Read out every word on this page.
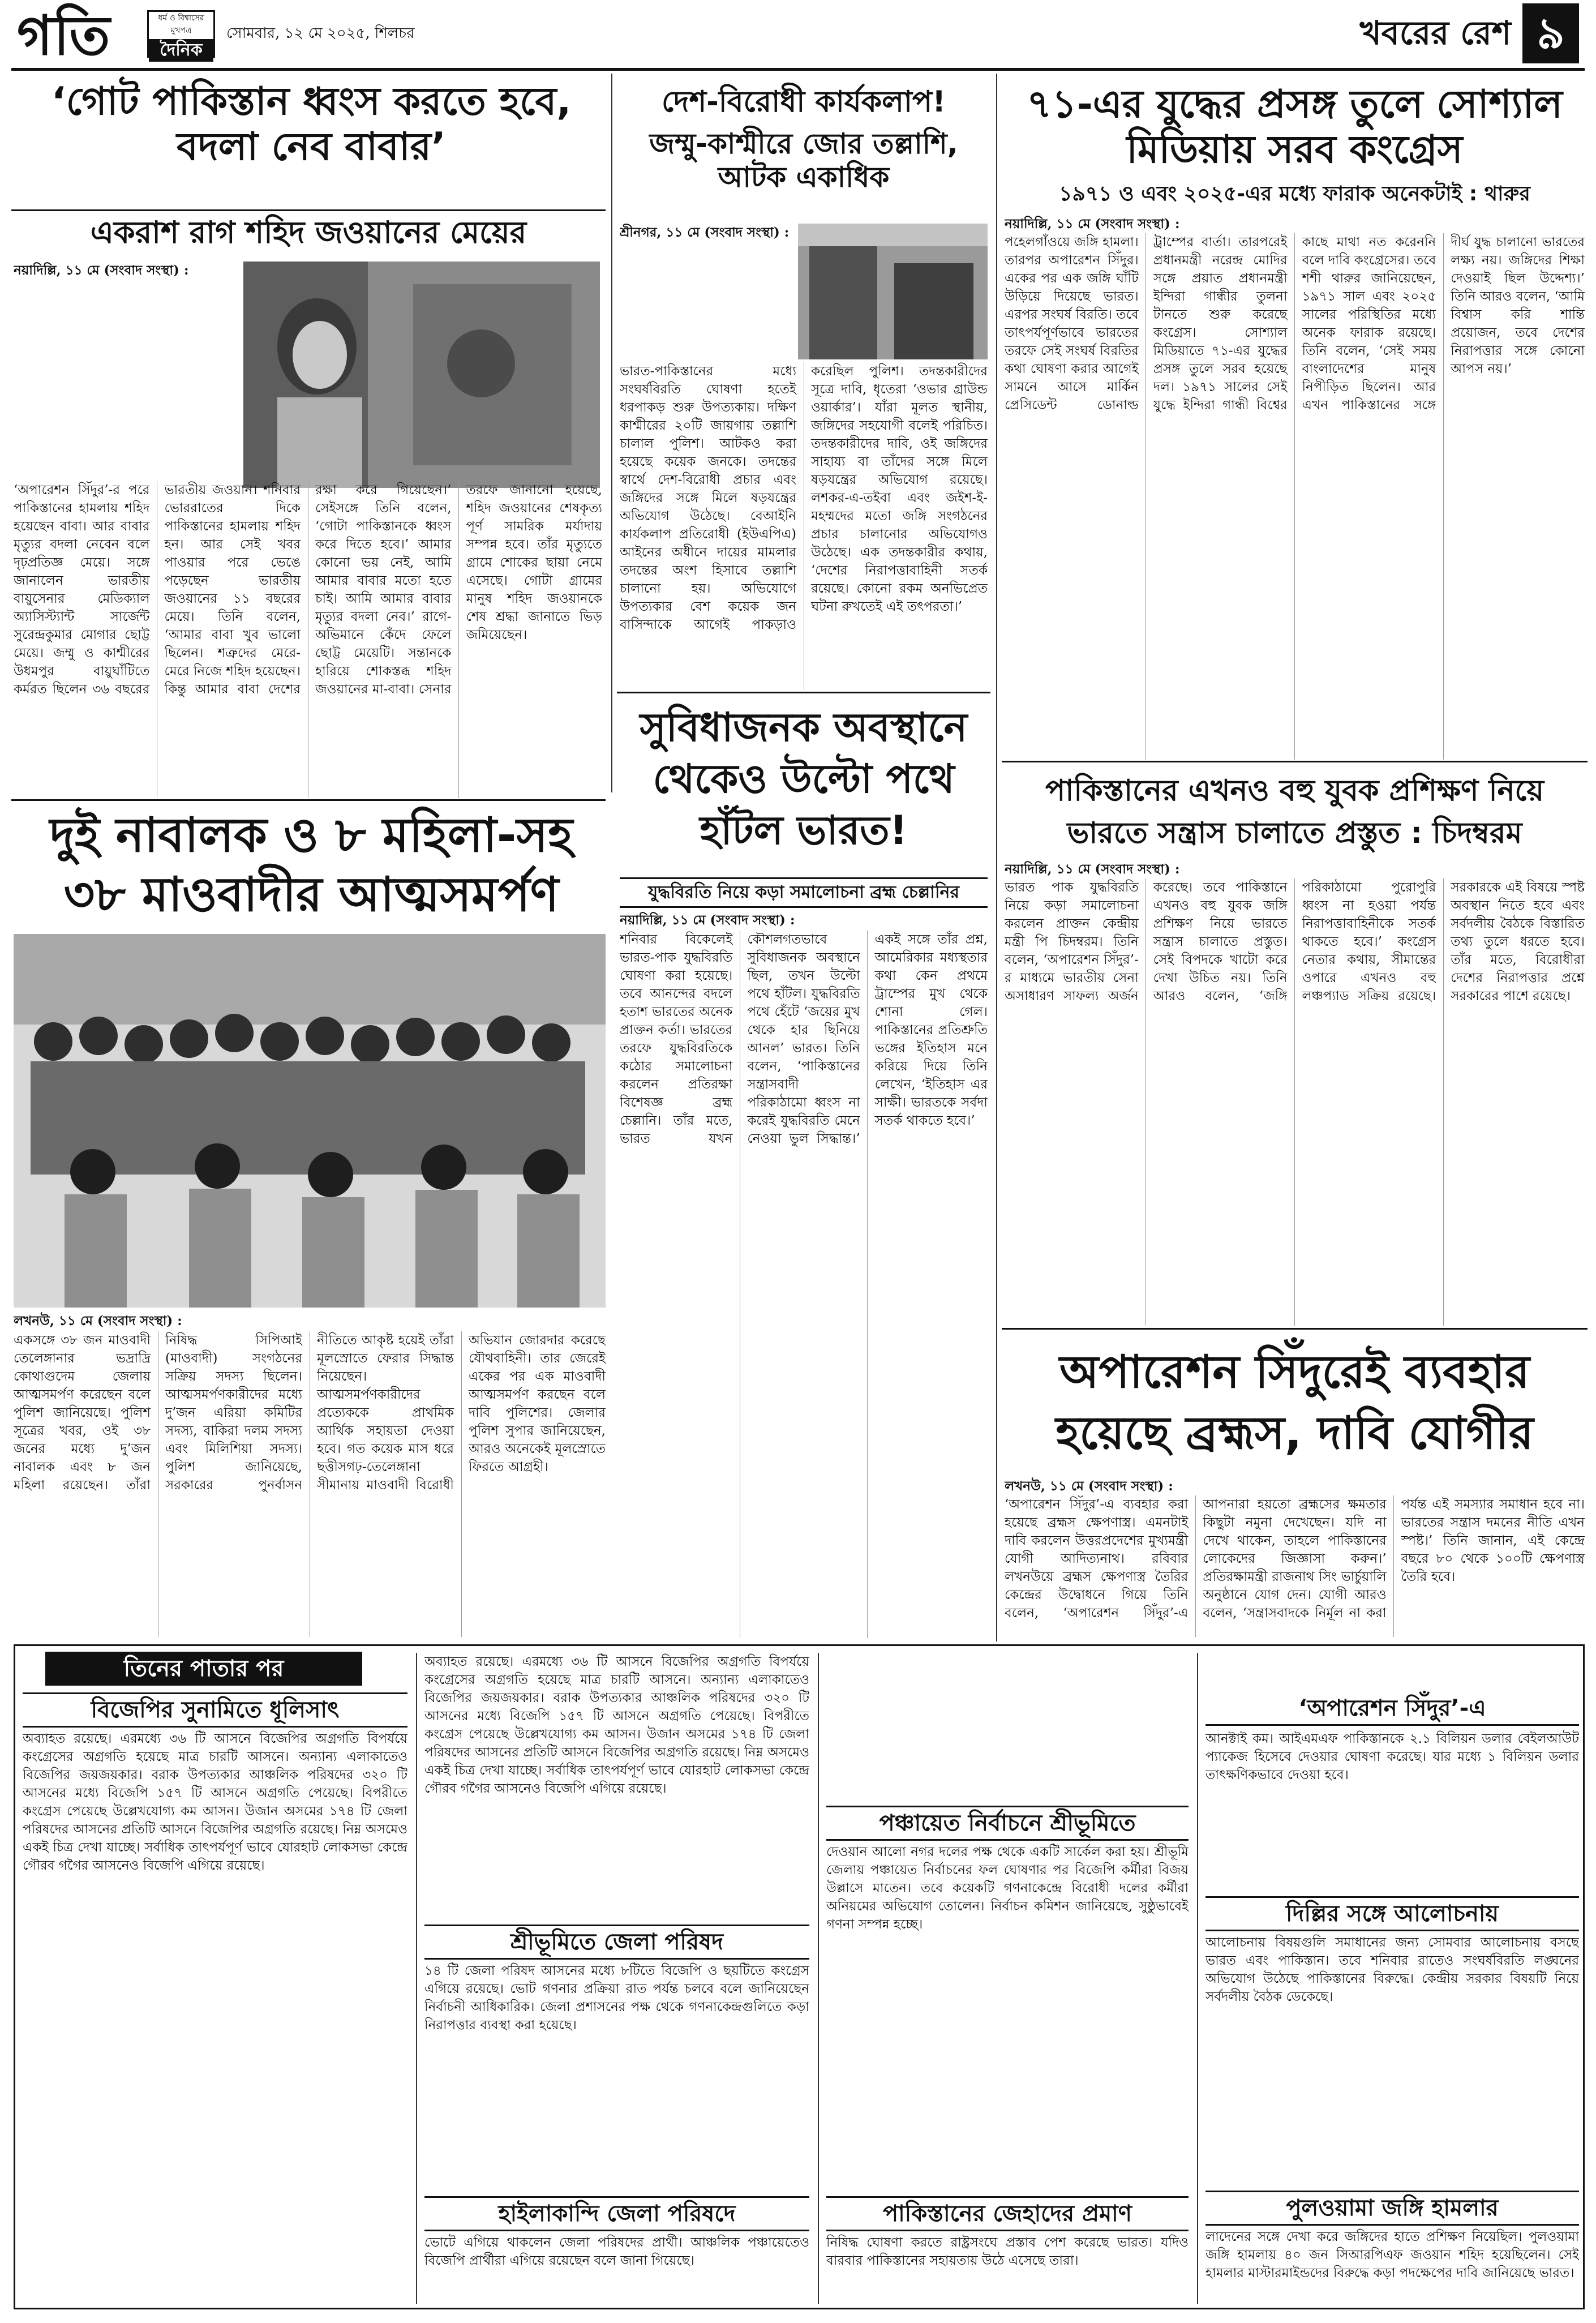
গতি	ধর্ম ও বিশ্বাসের মুখপত্র
দৈনিক
সোমবার, ১২ মে ২০২৫, শিলচর	খবরের রেশ ৯
‘গোট পাকিস্তান ধ্বংস করতে হবে, বদলা নেব বাবার’
একরাশ রাগ শহিদ জওয়ানের মেয়ের
নয়াদিল্লি, ১১ মে (সংবাদ সংস্থা) :
‘অপারেশন সিঁদুর’-র পরে পাকিস্তানের হামলায় শহিদ হয়েছেন বাবা। আর বাবার মৃত্যুর বদলা নেবেন বলে দৃঢ়প্রতিজ্ঞ মেয়ে। সঙ্গে জানালেন ভারতীয় বায়ুসেনার মেডিক্যাল অ্যাসিস্ট্যান্ট সার্জেন্ট সুরেন্দ্রকুমার মোগার ছোট্ট মেয়ে। জম্মু ও কাশ্মীরের উধমপুর বায়ুঘাঁটিতে কর্মরত ছিলেন ৩৬ বছরের ভারতীয় জওয়ান। শনিবার ভোররাতের দিকে পাকিস্তানের হামলায় শহিদ হন। আর সেই খবর পাওয়ার পরে ভেঙে পড়েছেন ভারতীয় জওয়ানের ১১ বছরের মেয়ে। তিনি বলেন, ‘আমার বাবা খুব ভালো ছিলেন। শত্রুদের মেরে-মেরে নিজে শহিদ হয়েছেন। কিন্তু আমার বাবা দেশের রক্ষা করে গিয়েছেন।’ সেইসঙ্গে তিনি বলেন, ‘গোটা পাকিস্তানকে ধ্বংস করে দিতে হবে।’ আমার কোনো ভয় নেই, আমি আমার বাবার মতো হতে চাই। আমি আমার বাবার মৃত্যুর বদলা নেব।’ রাগে-অভিমানে কেঁদে ফেলে ছোট্ট মেয়েটি। সন্তানকে হারিয়ে শোকস্তব্ধ শহিদ জওয়ানের মা-বাবা। সেনার তরফে জানানো হয়েছে, শহিদ জওয়ানের শেষকৃত্য পূর্ণ সামরিক মর্যাদায় সম্পন্ন হবে। তাঁর মৃত্যুতে গ্রামে শোকের ছায়া নেমে এসেছে। গোটা গ্রামের মানুষ শহিদ জওয়ানকে শেষ শ্রদ্ধা জানাতে ভিড় জমিয়েছেন।
দেশ-বিরোধী কার্যকলাপ!
জম্মু-কাশ্মীরে জোর তল্লাশি, আটক একাধিক
শ্রীনগর, ১১ মে (সংবাদ সংস্থা) :
ভারত-পাকিস্তানের মধ্যে সংঘর্ষবিরতি ঘোষণা হতেই ধরপাকড় শুরু উপত্যকায়। দক্ষিণ কাশ্মীরের ২০টি জায়গায় তল্লাশি চালাল পুলিশ। আটকও করা হয়েছে কয়েক জনকে। তদন্তের স্বার্থে দেশ-বিরোধী প্রচার এবং জঙ্গিদের সঙ্গে মিলে ষড়যন্ত্রের অভিযোগ উঠেছে। বেআইনি কার্যকলাপ প্রতিরোধী (ইউএপিএ) আইনের অধীনে দায়ের মামলার তদন্তের অংশ হিসাবে তল্লাশি চালানো হয়। অভিযোগে উপত্যকার বেশ কয়েক জন বাসিন্দাকে আগেই পাকড়াও করেছিল পুলিশ। তদন্তকারীদের সূত্রে দাবি, ধৃতেরা ‘ওভার গ্রাউন্ড ওয়ার্কার’। যাঁরা মূলত স্থানীয়, জঙ্গিদের সহযোগী বলেই পরিচিত। তদন্তকারীদের দাবি, ওই জঙ্গিদের সাহায্য বা তাঁদের সঙ্গে মিলে ষড়যন্ত্রের অভিযোগ রয়েছে। লশকর-এ-তইবা এবং জইশ-ই-মহম্মদের মতো জঙ্গি সংগঠনের প্রচার চালানোর অভিযোগও উঠেছে। এক তদন্তকারীর কথায়, ‘দেশের নিরাপত্তাবাহিনী সতর্ক রয়েছে। কোনো রকম অনভিপ্রেত ঘটনা রুখতেই এই তৎপরতা।’
সুবিধাজনক অবস্থানে থেকেও উল্টো পথে হাঁটল ভারত!
যুদ্ধবিরতি নিয়ে কড়া সমালোচনা ব্রহ্ম চেল্লানির
নয়াদিল্লি, ১১ মে (সংবাদ সংস্থা) :
শনিবার বিকেলেই ভারত-পাক যুদ্ধবিরতি ঘোষণা করা হয়েছে। তবে আনন্দের বদলে হতাশ ভারতের অনেক প্রাক্তন কর্তা। ভারতের তরফে যুদ্ধবিরতিকে কঠোর সমালোচনা করলেন প্রতিরক্ষা বিশেষজ্ঞ ব্রহ্ম চেল্লানি। তাঁর মতে, ভারত যখন কৌশলগতভাবে সুবিধাজনক অবস্থানে ছিল, তখন উল্টো পথে হাঁটল। যুদ্ধবিরতি পথে হেঁটে ‘জয়ের মুখ থেকে হার ছিনিয়ে আনল’ ভারত। তিনি বলেন, ‘পাকিস্তানের সন্ত্রাসবাদী পরিকাঠামো ধ্বংস না করেই যুদ্ধবিরতি মেনে নেওয়া ভুল সিদ্ধান্ত।’ একই সঙ্গে তাঁর প্রশ্ন, আমেরিকার মধ্যস্থতার কথা কেন প্রথমে ট্রাম্পের মুখ থেকে শোনা গেল। পাকিস্তানের প্রতিশ্রুতি ভঙ্গের ইতিহাস মনে করিয়ে দিয়ে তিনি লেখেন, ‘ইতিহাস এর সাক্ষী। ভারতকে সর্বদা সতর্ক থাকতে হবে।’
৭১-এর যুদ্ধের প্রসঙ্গ তুলে সোশ্যাল মিডিয়ায় সরব কংগ্রেস
১৯৭১ ও এবং ২০২৫-এর মধ্যে ফারাক অনেকটাই : থারুর
নয়াদিল্লি, ১১ মে (সংবাদ সংস্থা) :
পহেলগাঁওয়ে জঙ্গি হামলা। তারপর অপারেশন সিঁদুর। একের পর এক জঙ্গি ঘাঁটি উড়িয়ে দিয়েছে ভারত। এরপর সংঘর্ষ বিরতি। তবে তাৎপর্যপূর্ণভাবে ভারতের তরফে সেই সংঘর্ষ বিরতির কথা ঘোষণা করার আগেই সামনে আসে মার্কিন প্রেসিডেন্ট ডোনাল্ড ট্রাম্পের বার্তা। তারপরেই প্রধানমন্ত্রী নরেন্দ্র মোদির সঙ্গে প্রয়াত প্রধানমন্ত্রী ইন্দিরা গান্ধীর তুলনা টানতে শুরু করেছে কংগ্রেস। সোশ্যাল মিডিয়াতে ৭১-এর যুদ্ধের প্রসঙ্গ তুলে সরব হয়েছে দল। ১৯৭১ সালের সেই যুদ্ধে ইন্দিরা গান্ধী বিশ্বের কাছে মাথা নত করেননি বলে দাবি কংগ্রেসের। তবে শশী থারুর জানিয়েছেন, ১৯৭১ সাল এবং ২০২৫ সালের পরিস্থিতির মধ্যে অনেক ফারাক রয়েছে। তিনি বলেন, ‘সেই সময় বাংলাদেশের মানুষ নিপীড়িত ছিলেন। আর এখন পাকিস্তানের সঙ্গে দীর্ঘ যুদ্ধ চালানো ভারতের লক্ষ্য নয়। জঙ্গিদের শিক্ষা দেওয়াই ছিল উদ্দেশ্য।’ তিনি আরও বলেন, ‘আমি বিশ্বাস করি শান্তি প্রয়োজন, তবে দেশের নিরাপত্তার সঙ্গে কোনো আপস নয়।’
পাকিস্তানের এখনও বহু যুবক প্রশিক্ষণ নিয়ে ভারতে সন্ত্রাস চালাতে প্রস্তুত : চিদম্বরম
নয়াদিল্লি, ১১ মে (সংবাদ সংস্থা) :
ভারত পাক যুদ্ধবিরতি নিয়ে কড়া সমালোচনা করলেন প্রাক্তন কেন্দ্রীয় মন্ত্রী পি চিদম্বরম। তিনি বলেন, ‘অপারেশন সিঁদুর’-র মাধ্যমে ভারতীয় সেনা অসাধারণ সাফল্য অর্জন করেছে। তবে পাকিস্তানে এখনও বহু যুবক জঙ্গি প্রশিক্ষণ নিয়ে ভারতে সন্ত্রাস চালাতে প্রস্তুত। সেই বিপদকে খাটো করে দেখা উচিত নয়। তিনি আরও বলেন, ‘জঙ্গি পরিকাঠামো পুরোপুরি ধ্বংস না হওয়া পর্যন্ত নিরাপত্তাবাহিনীকে সতর্ক থাকতে হবে।’ কংগ্রেস নেতার কথায়, সীমান্তের ওপারে এখনও বহু লঞ্চপ্যাড সক্রিয় রয়েছে। সরকারকে এই বিষয়ে স্পষ্ট অবস্থান নিতে হবে এবং সর্বদলীয় বৈঠকে বিস্তারিত তথ্য তুলে ধরতে হবে। তাঁর মতে, বিরোধীরা দেশের নিরাপত্তার প্রশ্নে সরকারের পাশে রয়েছে।
অপারেশন সিঁদুরেই ব্যবহার হয়েছে ব্রহ্মস, দাবি যোগীর
লখনউ, ১১ মে (সংবাদ সংস্থা) :
‘অপারেশন সিঁদুর’-এ ব্যবহার করা হয়েছে ব্রহ্মস ক্ষেপণাস্ত্র। এমনটাই দাবি করলেন উত্তরপ্রদেশের মুখ্যমন্ত্রী যোগী আদিত্যনাথ। রবিবার লখনউয়ে ব্রহ্মস ক্ষেপণাস্ত্র তৈরির কেন্দ্রের উদ্বোধনে গিয়ে তিনি বলেন, ‘অপারেশন সিঁদুর’-এ আপনারা হয়তো ব্রহ্মসের ক্ষমতার কিছুটা নমুনা দেখেছেন। যদি না দেখে থাকেন, তাহলে পাকিস্তানের লোকেদের জিজ্ঞাসা করুন।’ প্রতিরক্ষামন্ত্রী রাজনাথ সিং ভার্চুয়ালি অনুষ্ঠানে যোগ দেন। যোগী আরও বলেন, ‘সন্ত্রাসবাদকে নির্মূল না করা পর্যন্ত এই সমস্যার সমাধান হবে না। ভারতের সন্ত্রাস দমনের নীতি এখন স্পষ্ট।’ তিনি জানান, এই কেন্দ্রে বছরে ৮০ থেকে ১০০টি ক্ষেপণাস্ত্র তৈরি হবে।
দুই নাবালক ও ৮ মহিলা-সহ
৩৮ মাওবাদীর আত্মসমর্পণ
লখনউ, ১১ মে (সংবাদ সংস্থা) :
একসঙ্গে ৩৮ জন মাওবাদী তেলেঙ্গানার ভদ্রাদ্রি কোথাগুদেম জেলায় আত্মসমর্পণ করেছেন বলে পুলিশ জানিয়েছে। পুলিশ সূত্রের খবর, ওই ৩৮ জনের মধ্যে দু’জন নাবালক এবং ৮ জন মহিলা রয়েছেন। তাঁরা নিষিদ্ধ সিপিআই (মাওবাদী) সংগঠনের সক্রিয় সদস্য ছিলেন। আত্মসমর্পণকারীদের মধ্যে দু’জন এরিয়া কমিটির সদস্য, বাকিরা দলম সদস্য এবং মিলিশিয়া সদস্য। পুলিশ জানিয়েছে, সরকারের পুনর্বাসন নীতিতে আকৃষ্ট হয়েই তাঁরা মূলস্রোতে ফেরার সিদ্ধান্ত নিয়েছেন। আত্মসমর্পণকারীদের প্রত্যেককে প্রাথমিক আর্থিক সহায়তা দেওয়া হবে। গত কয়েক মাস ধরে ছত্তীসগঢ়-তেলেঙ্গানা সীমানায় মাওবাদী বিরোধী অভিযান জোরদার করেছে যৌথবাহিনী। তার জেরেই একের পর এক মাওবাদী আত্মসমর্পণ করছেন বলে দাবি পুলিশের। জেলার পুলিশ সুপার জানিয়েছেন, আরও অনেকেই মূলস্রোতে ফিরতে আগ্রহী।
তিনের পাতার পর
বিজেপির সুনামিতে ধূলিসাৎ
অব্যাহত রয়েছে। এরমধ্যে ৩৬ টি আসনে বিজেপির অগ্রগতি বিপর্যয়ে কংগ্রেসের অগ্রগতি হয়েছে মাত্র চারটি আসনে। অন্যান্য এলাকাতেও বিজেপির জয়জয়কার। বরাক উপত্যকার আঞ্চলিক পরিষদের ৩২০ টি আসনের মধ্যে বিজেপি ১৫৭ টি আসনে অগ্রগতি পেয়েছে। বিপরীতে কংগ্রেস পেয়েছে উল্লেখযোগ্য কম আসন। উজান অসমের ১৭৪ টি জেলা পরিষদের আসনের প্রতিটি আসনে বিজেপির অগ্রগতি রয়েছে। নিম্ন অসমেও একই চিত্র দেখা যাচ্ছে। সর্বাধিক তাৎপর্যপূর্ণ ভাবে যোরহাট লোকসভা কেন্দ্রে গৌরব গগৈর আসনেও বিজেপি এগিয়ে রয়েছে।
অব্যাহত রয়েছে। এরমধ্যে ৩৬ টি আসনে বিজেপির অগ্রগতি বিপর্যয়ে কংগ্রেসের অগ্রগতি হয়েছে মাত্র চারটি আসনে। অন্যান্য এলাকাতেও বিজেপির জয়জয়কার। বরাক উপত্যকার আঞ্চলিক পরিষদের ৩২০ টি আসনের মধ্যে বিজেপি ১৫৭ টি আসনে অগ্রগতি পেয়েছে। বিপরীতে কংগ্রেস পেয়েছে উল্লেখযোগ্য কম আসন। উজান অসমের ১৭৪ টি জেলা পরিষদের আসনের প্রতিটি আসনে বিজেপির অগ্রগতি রয়েছে। নিম্ন অসমেও একই চিত্র দেখা যাচ্ছে। সর্বাধিক তাৎপর্যপূর্ণ ভাবে যোরহাট লোকসভা কেন্দ্রে গৌরব গগৈর আসনেও বিজেপি এগিয়ে রয়েছে।
শ্রীভূমিতে জেলা পরিষদ
১৪ টি জেলা পরিষদ আসনের মধ্যে ৮টিতে বিজেপি ও ছয়টিতে কংগ্রেস এগিয়ে রয়েছে। ভোট গণনার প্রক্রিয়া রাত পর্যন্ত চলবে বলে জানিয়েছেন নির্বাচনী আধিকারিক। জেলা প্রশাসনের পক্ষ থেকে গণনাকেন্দ্রগুলিতে কড়া নিরাপত্তার ব্যবস্থা করা হয়েছে।
হাইলাকান্দি জেলা পরিষদে
ভোটে এগিয়ে থাকলেন জেলা পরিষদের প্রার্থী। আঞ্চলিক পঞ্চায়েতেও বিজেপি প্রার্থীরা এগিয়ে রয়েছেন বলে জানা গিয়েছে।
পঞ্চায়েত নির্বাচনে শ্রীভূমিতে
দেওয়ান আলো নগর দলের পক্ষ থেকে একটি সার্কেল করা হয়। শ্রীভূমি জেলায় পঞ্চায়েত নির্বাচনের ফল ঘোষণার পর বিজেপি কর্মীরা বিজয় উল্লাসে মাতেন। তবে কয়েকটি গণনাকেন্দ্রে বিরোধী দলের কর্মীরা অনিয়মের অভিযোগ তোলেন। নির্বাচন কমিশন জানিয়েছে, সুষ্ঠুভাবেই গণনা সম্পন্ন হচ্ছে।
পাকিস্তানের জেহাদের প্রমাণ
নিষিদ্ধ ঘোষণা করতে রাষ্ট্রসংঘে প্রস্তাব পেশ করেছে ভারত। যদিও বারবার পাকিস্তানের সহায়তায় উঠে এসেছে তারা।
‘অপারেশন সিঁদুর’-এ
আনক্টাই কম। আইএমএফ পাকিস্তানকে ২.১ বিলিয়ন ডলার বেইলআউট প্যাকেজ হিসেবে দেওয়ার ঘোষণা করেছে। যার মধ্যে ১ বিলিয়ন ডলার তাৎক্ষণিকভাবে দেওয়া হবে।
দিল্লির সঙ্গে আলোচনায়
আলোচনায় বিষয়গুলি সমাধানের জন্য সোমবার আলোচনায় বসছে ভারত এবং পাকিস্তান। তবে শনিবার রাতেও সংঘর্ষবিরতি লঙ্ঘনের অভিযোগ উঠেছে পাকিস্তানের বিরুদ্ধে। কেন্দ্রীয় সরকার বিষয়টি নিয়ে সর্বদলীয় বৈঠক ডেকেছে।
পুলওয়ামা জঙ্গি হামলার
লাদেনের সঙ্গে দেখা করে জঙ্গিদের হাতে প্রশিক্ষণ নিয়েছিল। পুলওয়ামা জঙ্গি হামলায় ৪০ জন সিআরপিএফ জওয়ান শহিদ হয়েছিলেন। সেই হামলার মাস্টারমাইন্ডদের বিরুদ্ধে কড়া পদক্ষেপের দাবি জানিয়েছে ভারত।
